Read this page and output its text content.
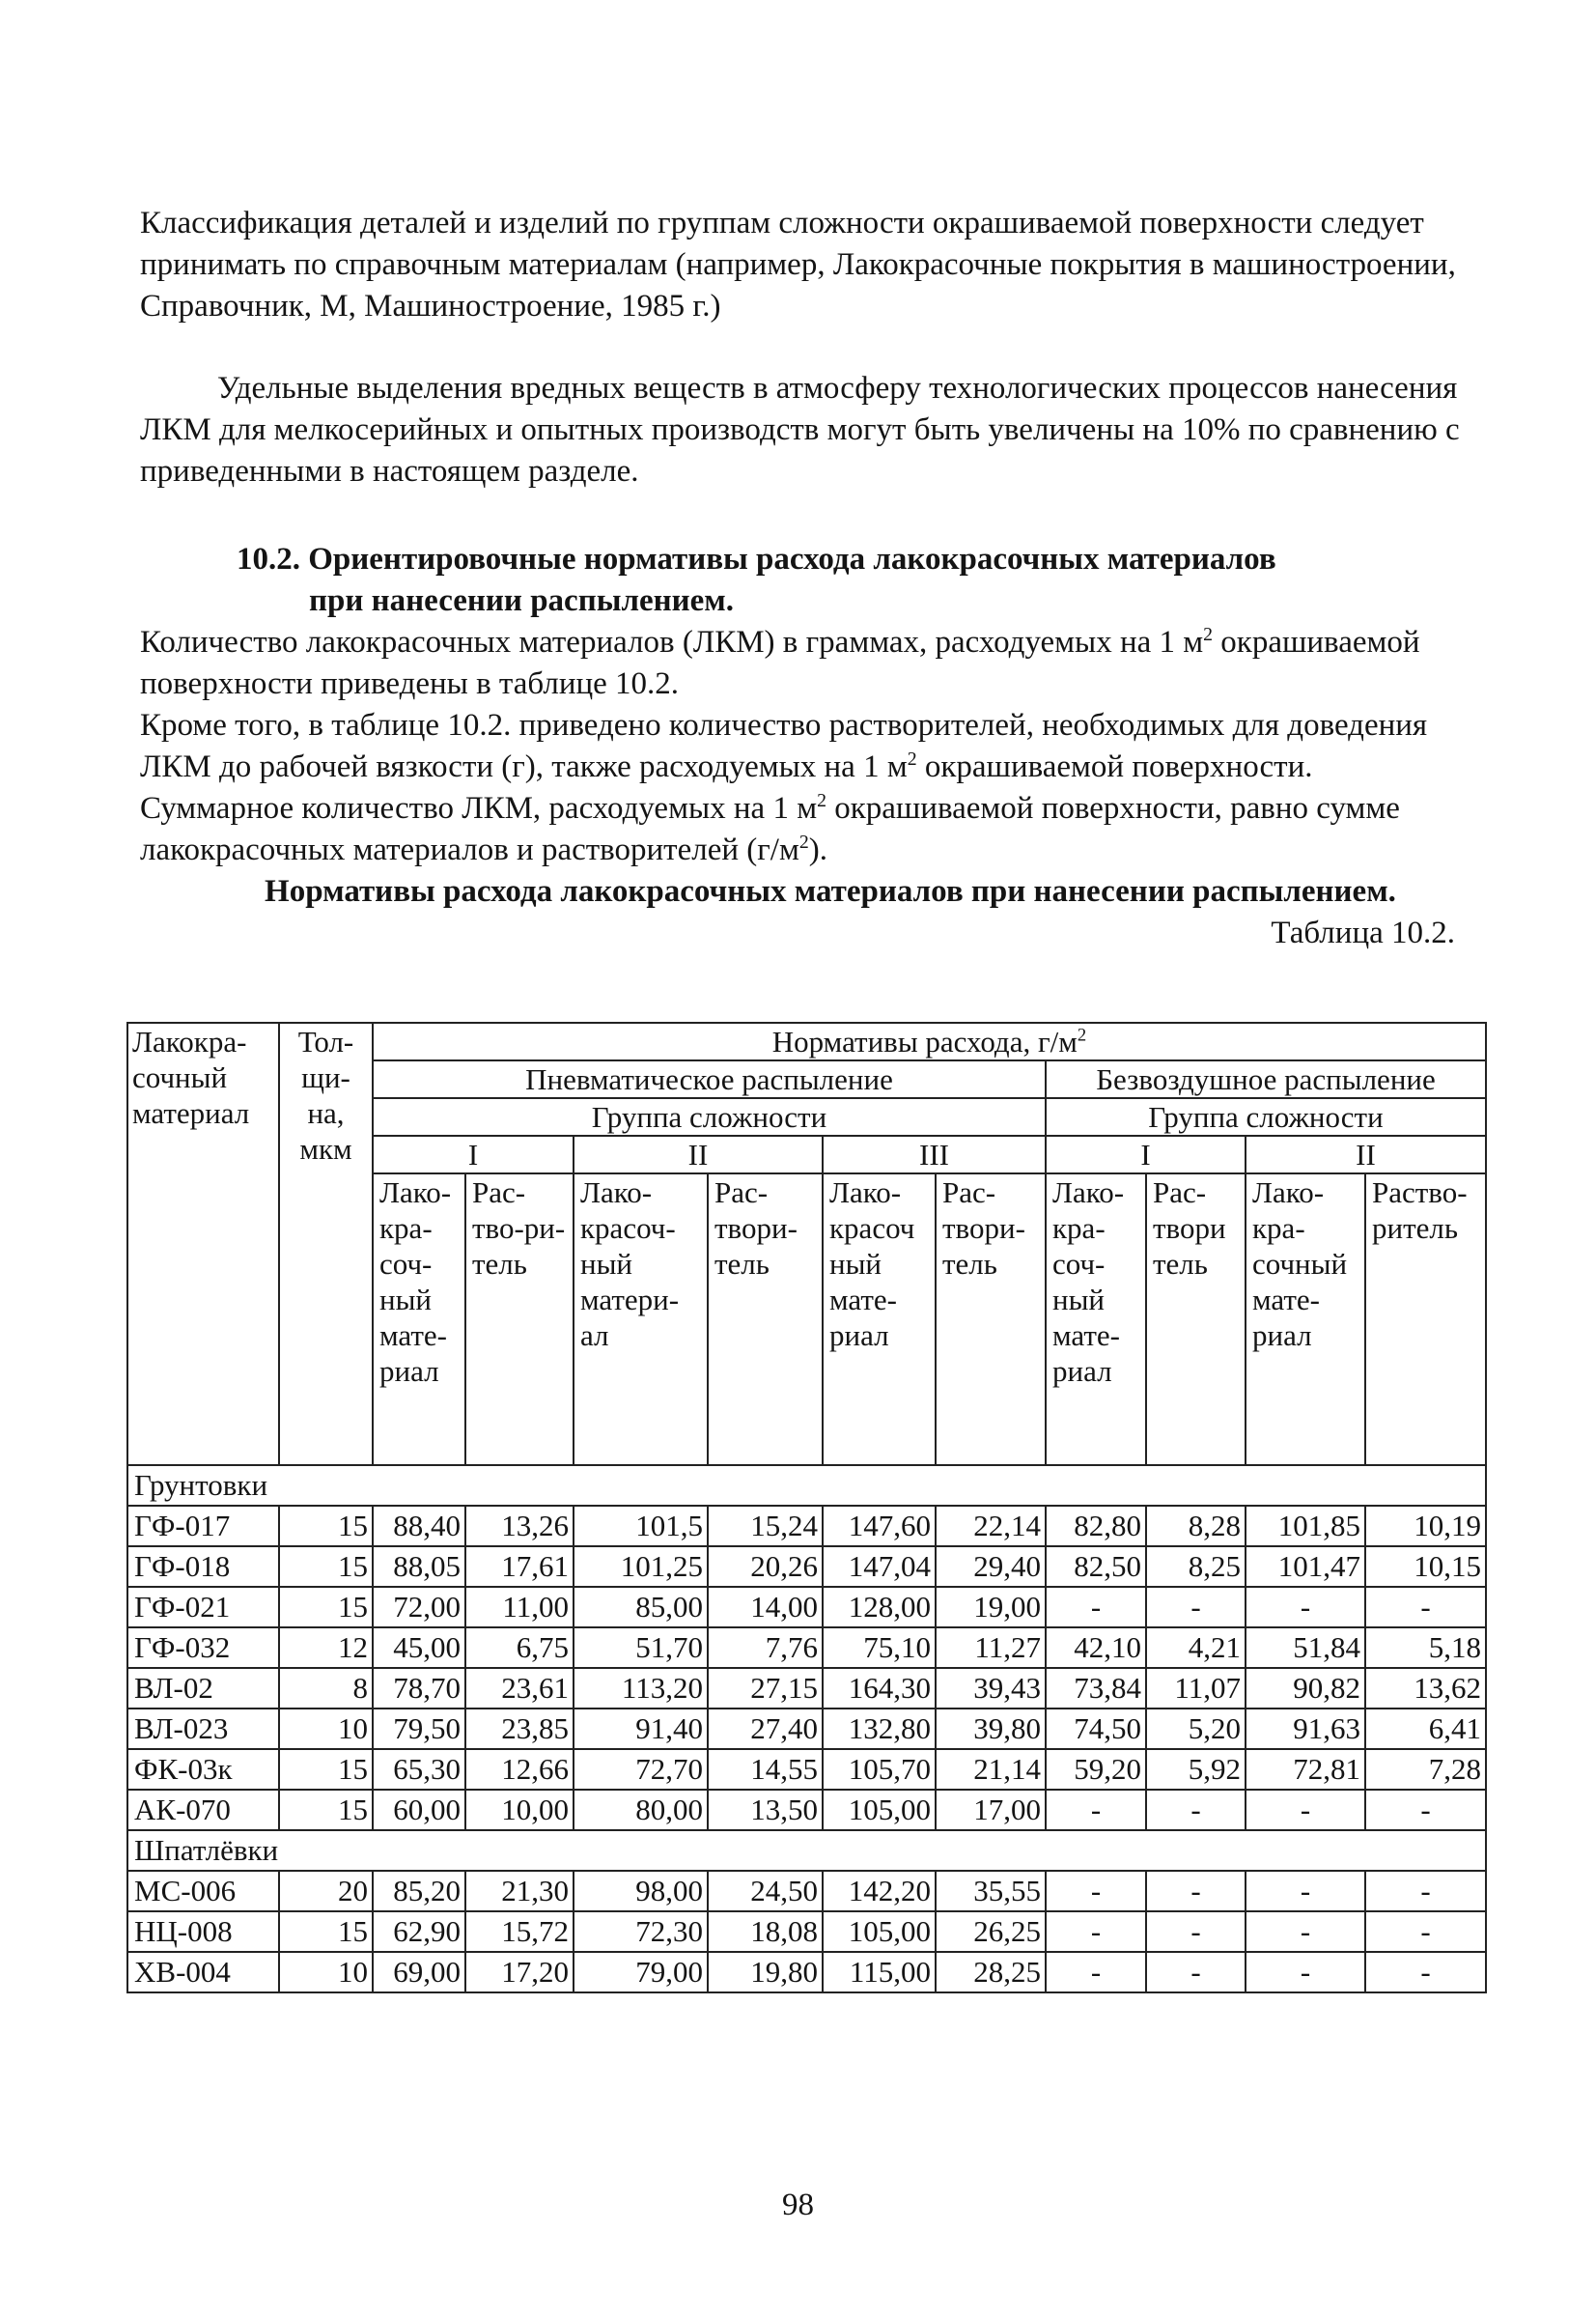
Классификация деталей и изделий по группам сложности окрашиваемой поверхности следует принимать по справочным материалам (например, Лакокрасочные покрытия в машиностроении, Справочник, М, Машиностроение, 1985 г.)

Удельные выделения вредных веществ в атмосферу технологических процессов нанесения ЛКМ для мелкосерийных и опытных производств могут быть увеличены на 10% по сравнению с приведенными в настоящем разделе.

10.2. Ориентировочные нормативы расхода лакокрасочных материалов
при нанесении распылением.

Количество лакокрасочных материалов (ЛКМ) в граммах, расходуемых на 1 $м^2$ окрашиваемой поверхности приведены в таблице 10.2.

Кроме того, в таблице 10.2. приведено количество растворителей, необходимых для доведения ЛКМ до рабочей вязкости (г), также расходуемых на 1 $м^2$ окрашиваемой поверхности.

Суммарное количество ЛКМ, расходуемых на 1 $м^2$ окрашиваемой поверхности, равно сумме лакокрасочных материалов и растворителей $(г/м^2)$.

Нормативы расхода лакокрасочных материалов при нанесении распылением.

Таблица 10.2.

Лакокра-сочный материал	Тол-щи-на, мкм	Нормативы расхода, $г/м^2$
		Пневматическое распыление						Безвоздушное распыление			
		Группа сложности						Группа сложности			
		I		II		III		I		II	
		Лако-кра-соч-ный мате-риал	Рас-тво-ри-тель	Лако-красоч-ный матери-ал	Рас-твори-тель	Лако-красоч ный мате-риал	Рас-твори-тель	Лако-кра-соч-ный мате-риал	Рас-твори тель	Лако-кра-сочный мате-риал	Раство-ритель
Грунтовки											
ГФ-017	15	88,40	13,26	101,5	15,24	147,60	22,14	82,80	8,28	101,85	10,19
ГФ-018	15	88,05	17,61	101,25	20,26	147,04	29,40	82,50	8,25	101,47	10,15
ГФ-021	15	72,00	11,00	85,00	14,00	128,00	19,00	-	-	-	-
ГФ-032	12	45,00	6,75	51,70	7,76	75,10	11,27	42,10	4,21	51,84	5,18
ВЛ-02	8	78,70	23,61	113,20	27,15	164,30	39,43	73,84	11,07	90,82	13,62
ВЛ-023	10	79,50	23,85	91,40	27,40	132,80	39,80	74,50	5,20	91,63	6,41
ФК-03к	15	65,30	12,66	72,70	14,55	105,70	21,14	59,20	5,92	72,81	7,28
АК-070	15	60,00	10,00	80,00	13,50	105,00	17,00	-	-	-	-
Шпатлёвки											
МС-006	20	85,20	21,30	98,00	24,50	142,20	35,55	-	-	-	-
НЦ-008	15	62,90	15,72	72,30	18,08	105,00	26,25	-	-	-	-
ХВ-004	10	69,00	17,20	79,00	19,80	115,00	28,25	-	-	-	-
98
